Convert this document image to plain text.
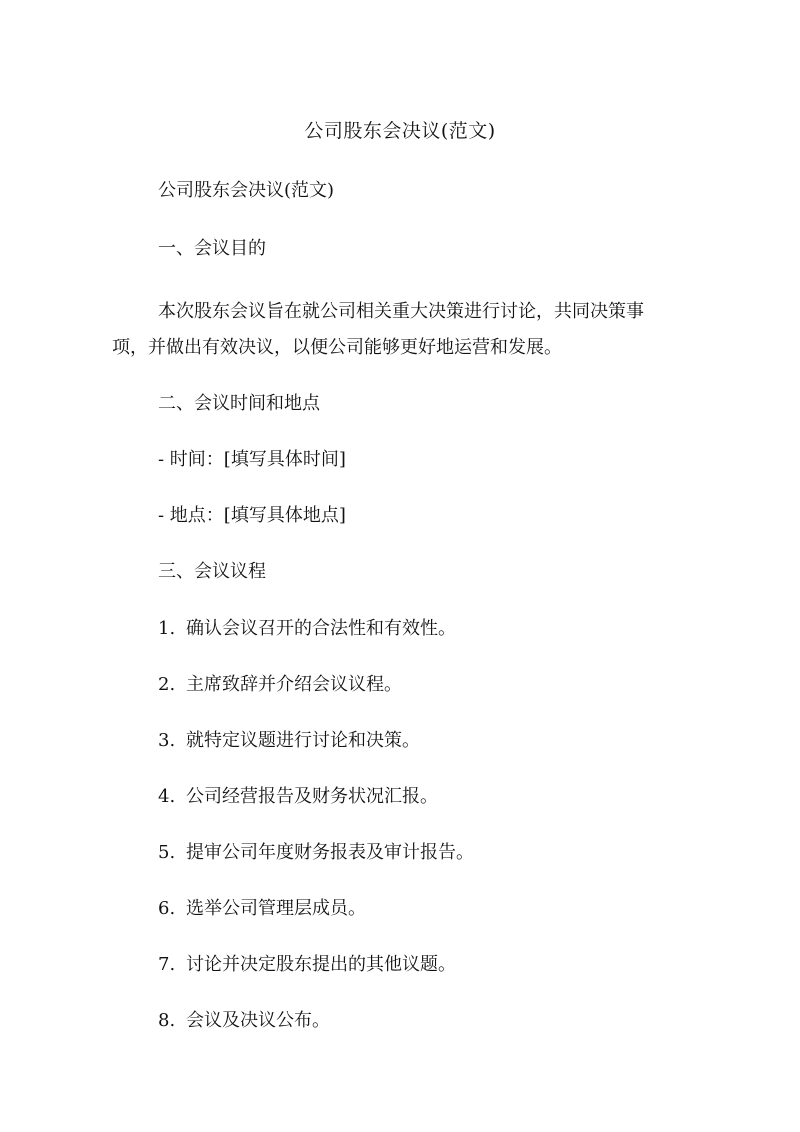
公司股东会决议(范文)
公司股东会决议(范文)
一、会议目的
本次股东会议旨在就公司相关重大决策进行讨论，共同决策事项，并做出有效决议，以便公司能够更好地运营和发展。
二、会议时间和地点
- 时间：[填写具体时间]
- 地点：[填写具体地点]
三、会议议程
1. 确认会议召开的合法性和有效性。
2. 主席致辞并介绍会议议程。
3. 就特定议题进行讨论和决策。
4. 公司经营报告及财务状况汇报。
5. 提审公司年度财务报表及审计报告。
6. 选举公司管理层成员。
7. 讨论并决定股东提出的其他议题。
8. 会议及决议公布。
